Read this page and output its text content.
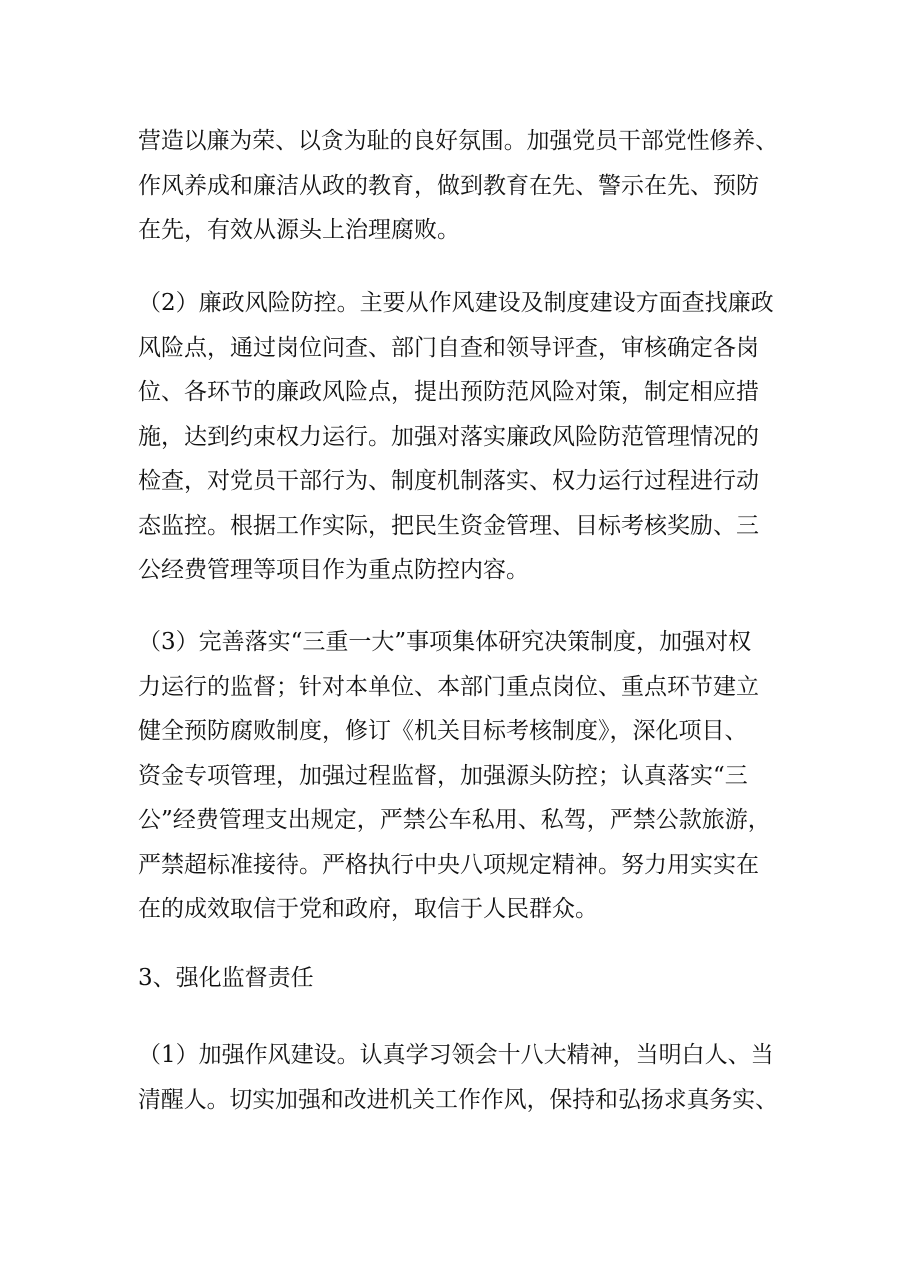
营造以廉为荣、以贪为耻的良好氛围。加强党员干部党性修养、
作风养成和廉洁从政的教育，做到教育在先、警示在先、预防
在先，有效从源头上治理腐败。
（2）廉政风险防控。主要从作风建设及制度建设方面查找廉政
风险点，通过岗位问查、部门自查和领导评查，审核确定各岗
位、各环节的廉政风险点，提出预防范风险对策，制定相应措
施，达到约束权力运行。加强对落实廉政风险防范管理情况的
检查，对党员干部行为、制度机制落实、权力运行过程进行动
态监控。根据工作实际，把民生资金管理、目标考核奖励、三
公经费管理等项目作为重点防控内容。
（3）完善落实“三重一大”事项集体研究决策制度，加强对权
力运行的监督；针对本单位、本部门重点岗位、重点环节建立
健全预防腐败制度，修订《机关目标考核制度》，深化项目、
资金专项管理，加强过程监督，加强源头防控；认真落实“三
公”经费管理支出规定，严禁公车私用、私驾，严禁公款旅游，
严禁超标准接待。严格执行中央八项规定精神。努力用实实在
在的成效取信于党和政府，取信于人民群众。
3、强化监督责任
（1）加强作风建设。认真学习领会十八大精神，当明白人、当
清醒人。切实加强和改进机关工作作风，保持和弘扬求真务实、
